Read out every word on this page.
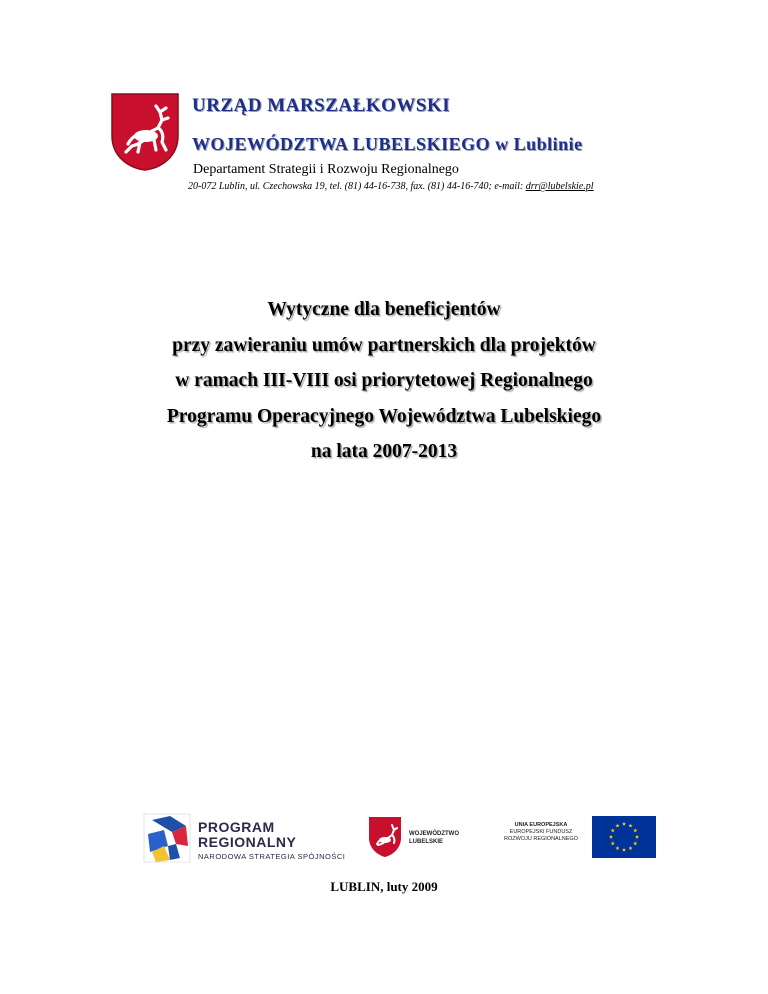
URZĄD MARSZAŁKOWSKI
WOJEWÓDZTWA LUBELSKIEGO w Lublinie
Departament Strategii i Rozwoju Regionalnego
20-072 Lublin, ul. Czechowska 19, tel. (81) 44-16-738, fax. (81) 44-16-740; e-mail: drr@lubelskie.pl
Wytyczne dla beneficjentów
przy zawieraniu umów partnerskich dla projektów
w ramach III-VIII osi priorytetowej Regionalnego
Programu Operacyjnego Województwa Lubelskiego
na lata 2007-2013
PROGRAM
REGIONALNY
NARODOWA STRATEGIA SPÓJNOŚCI
WOJEWÓDZTWO
LUBELSKIE
UNIA EUROPEJSKA
EUROPEJSKI FUNDUSZ
ROZWOJU REGIONALNEGO
LUBLIN, luty 2009
